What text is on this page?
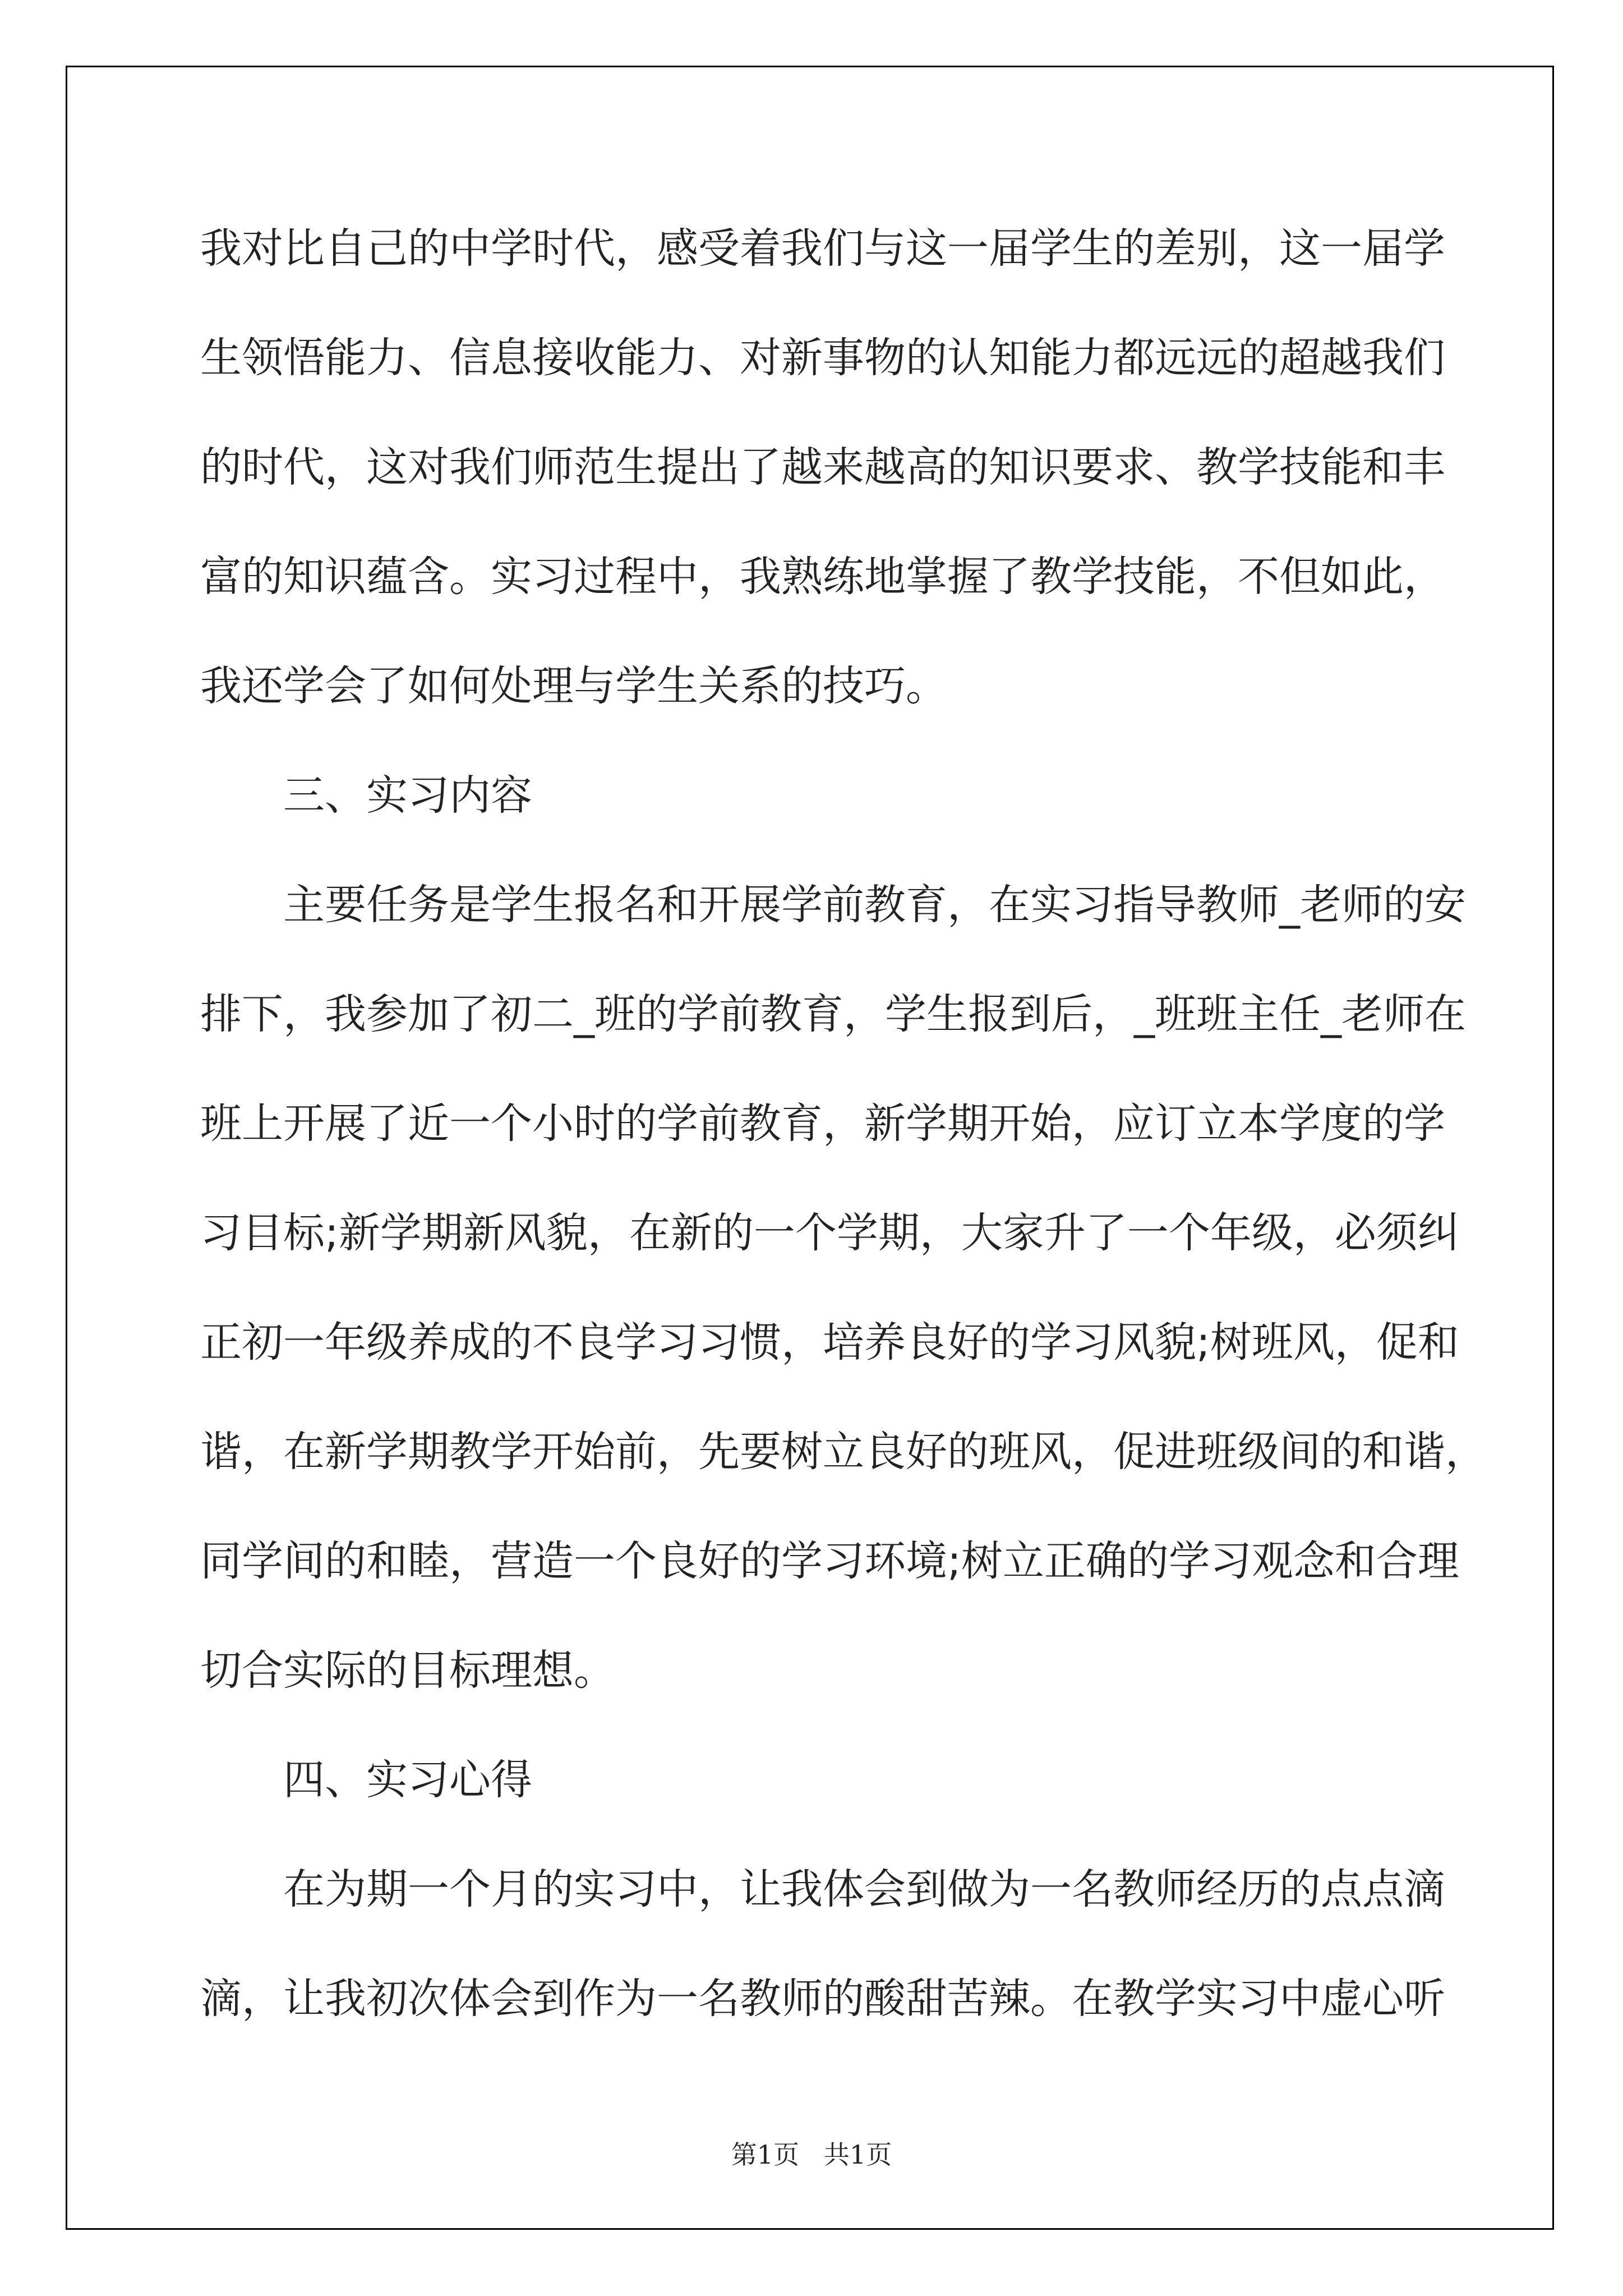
我对比自己的中学时代，感受着我们与这一届学生的差别，这一届学
生领悟能力、信息接收能力、对新事物的认知能力都远远的超越我们
的时代，这对我们师范生提出了越来越高的知识要求、教学技能和丰
富的知识蕴含。实习过程中，我熟练地掌握了教学技能，不但如此，
我还学会了如何处理与学生关系的技巧。
三、实习内容
主要任务是学生报名和开展学前教育，在实习指导教师_老师的安
排下，我参加了初二_班的学前教育，学生报到后，_班班主任_老师在
班上开展了近一个小时的学前教育，新学期开始，应订立本学度的学
习目标;新学期新风貌，在新的一个学期，大家升了一个年级，必须纠
正初一年级养成的不良学习习惯，培养良好的学习风貌;树班风，促和
谐，在新学期教学开始前，先要树立良好的班风，促进班级间的和谐，
同学间的和睦，营造一个良好的学习环境;树立正确的学习观念和合理
切合实际的目标理想。
四、实习心得
在为期一个月的实习中，让我体会到做为一名教师经历的点点滴
滴，让我初次体会到作为一名教师的酸甜苦辣。在教学实习中虚心听
第1页   共1页
